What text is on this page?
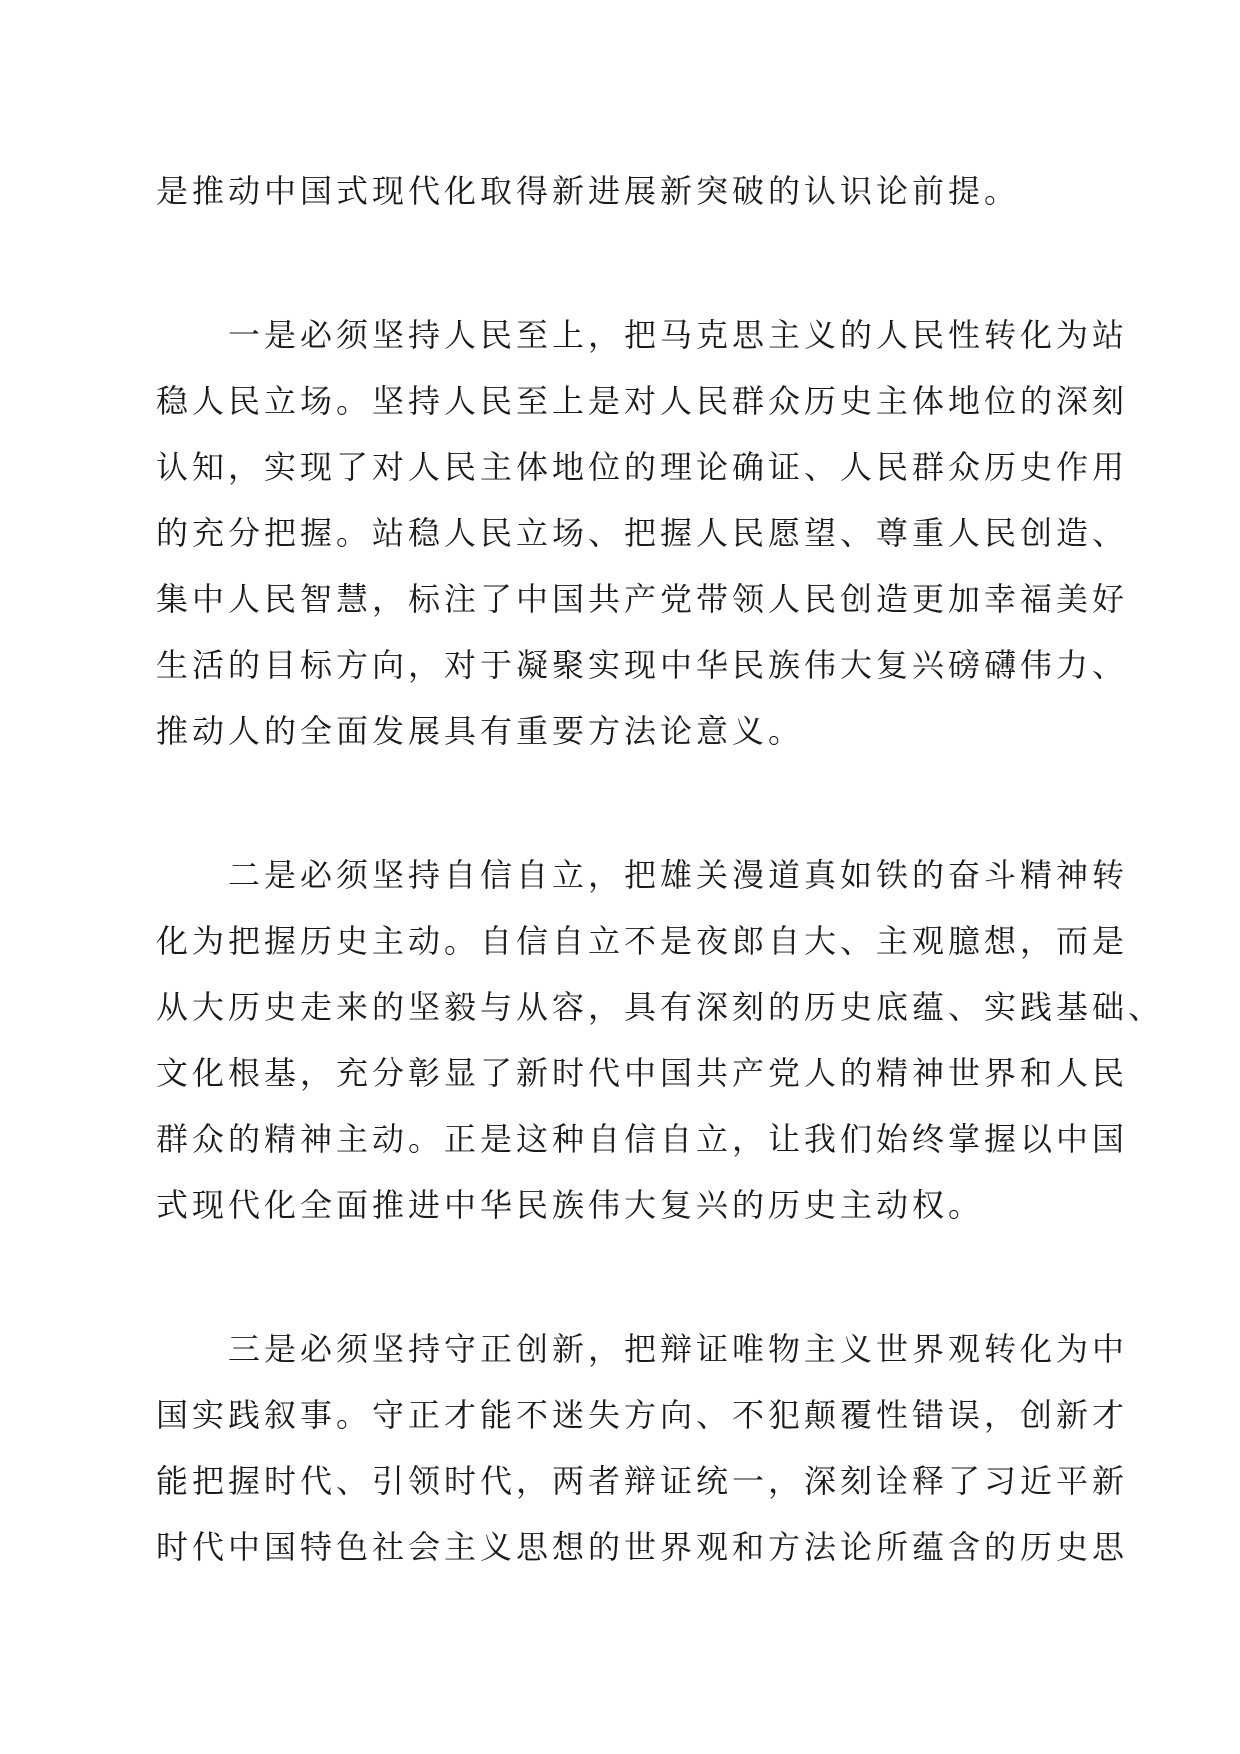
是推动中国式现代化取得新进展新突破的认识论前提。
一是必须坚持人民至上，把马克思主义的人民性转化为站
稳人民立场。坚持人民至上是对人民群众历史主体地位的深刻
认知，实现了对人民主体地位的理论确证、人民群众历史作用
的充分把握。站稳人民立场、把握人民愿望、尊重人民创造、
集中人民智慧，标注了中国共产党带领人民创造更加幸福美好
生活的目标方向，对于凝聚实现中华民族伟大复兴磅礴伟力、
推动人的全面发展具有重要方法论意义。
二是必须坚持自信自立，把雄关漫道真如铁的奋斗精神转
化为把握历史主动。自信自立不是夜郎自大、主观臆想，而是
从大历史走来的坚毅与从容，具有深刻的历史底蕴、实践基础、
文化根基，充分彰显了新时代中国共产党人的精神世界和人民
群众的精神主动。正是这种自信自立，让我们始终掌握以中国
式现代化全面推进中华民族伟大复兴的历史主动权。
三是必须坚持守正创新，把辩证唯物主义世界观转化为中
国实践叙事。守正才能不迷失方向、不犯颠覆性错误，创新才
能把握时代、引领时代，两者辩证统一，深刻诠释了习近平新
时代中国特色社会主义思想的世界观和方法论所蕴含的历史思
